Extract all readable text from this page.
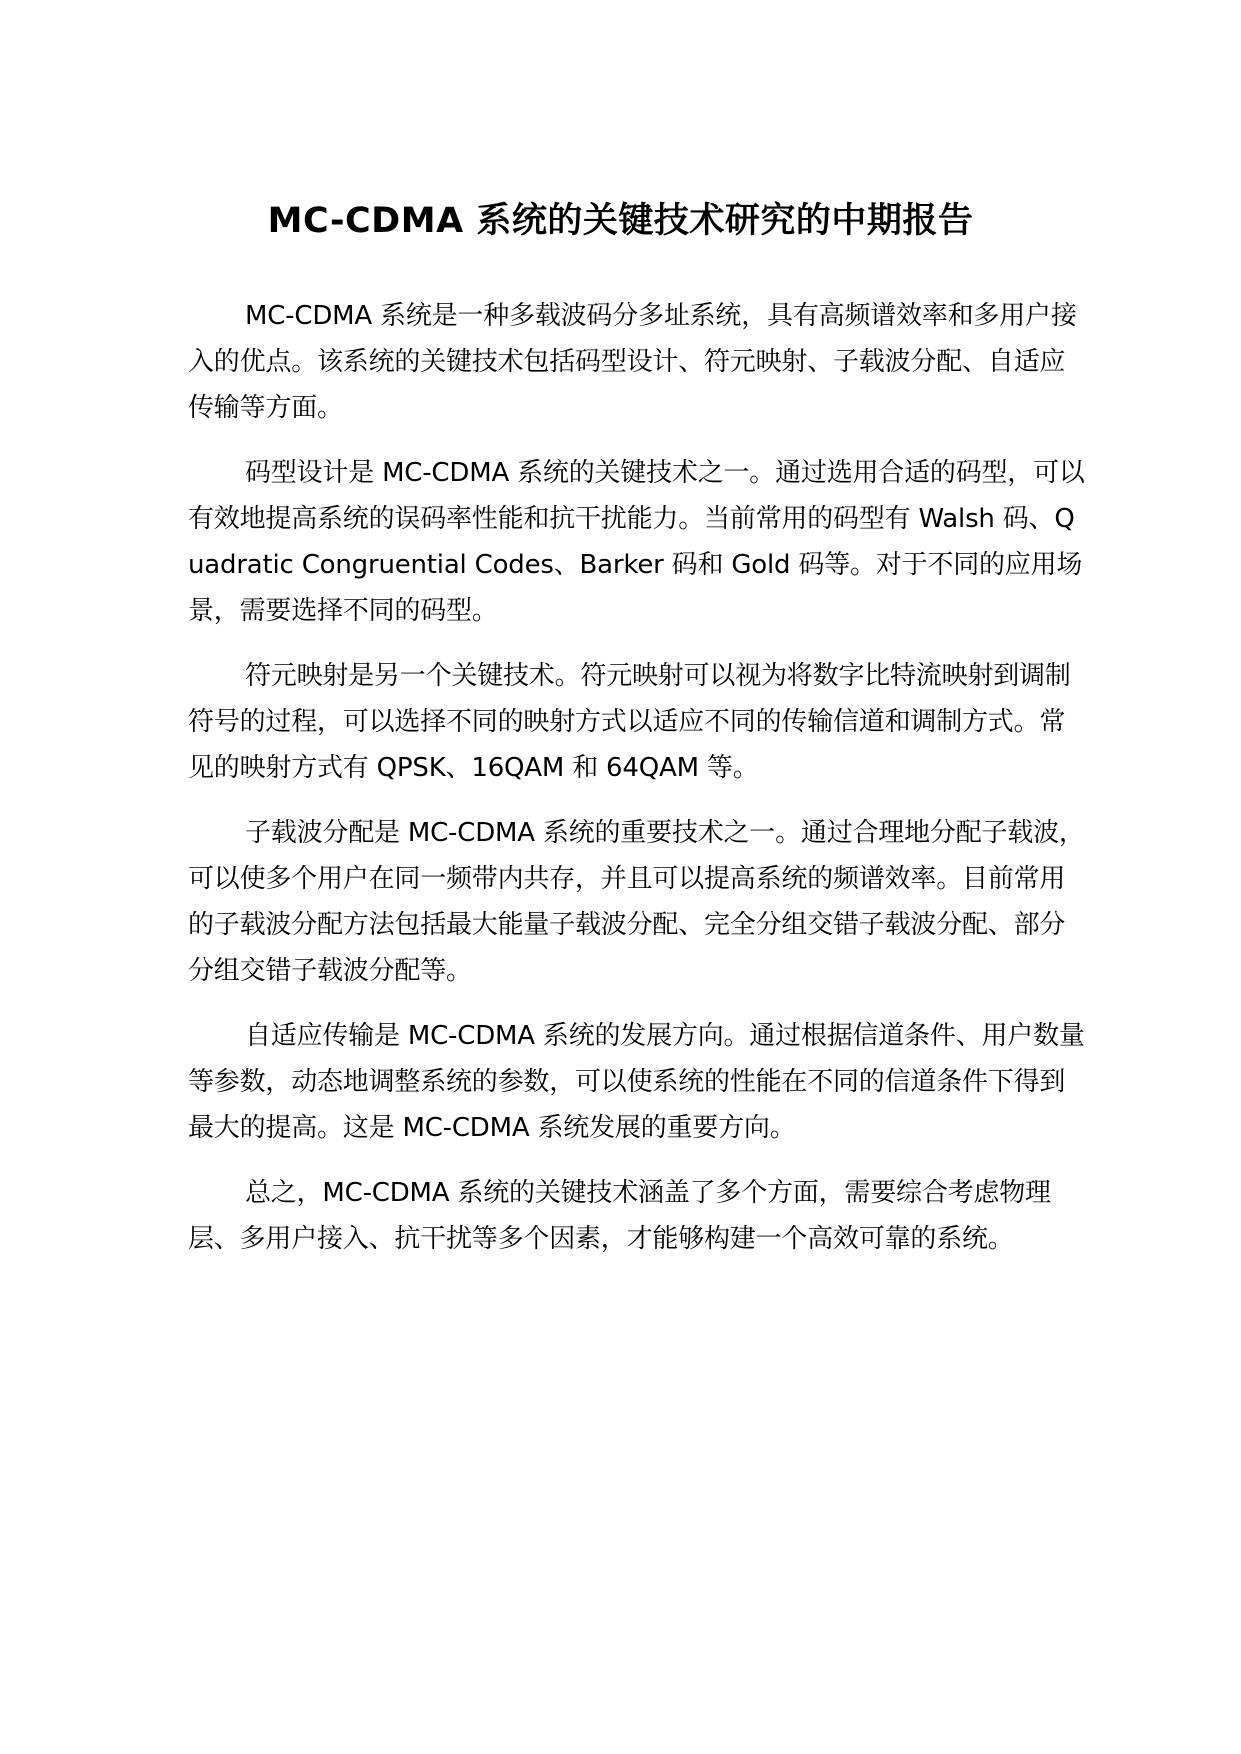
MC-CDMA 系统的关键技术研究的中期报告

MC-CDMA 系统是一种多载波码分多址系统，具有高频谱效率和多用户接入的优点。该系统的关键技术包括码型设计、符元映射、子载波分配、自适应传输等方面。

码型设计是 MC-CDMA 系统的关键技术之一。通过选用合适的码型，可以有效地提高系统的误码率性能和抗干扰能力。当前常用的码型有 Walsh 码、Quadratic Congruential Codes、Barker 码和 Gold 码等。对于不同的应用场景，需要选择不同的码型。

符元映射是另一个关键技术。符元映射可以视为将数字比特流映射到调制符号的过程，可以选择不同的映射方式以适应不同的传输信道和调制方式。常见的映射方式有 QPSK、16QAM 和 64QAM 等。

子载波分配是 MC-CDMA 系统的重要技术之一。通过合理地分配子载波，可以使多个用户在同一频带内共存，并且可以提高系统的频谱效率。目前常用的子载波分配方法包括最大能量子载波分配、完全分组交错子载波分配、部分分组交错子载波分配等。

自适应传输是 MC-CDMA 系统的发展方向。通过根据信道条件、用户数量等参数，动态地调整系统的参数，可以使系统的性能在不同的信道条件下得到最大的提高。这是 MC-CDMA 系统发展的重要方向。

总之，MC-CDMA 系统的关键技术涵盖了多个方面，需要综合考虑物理层、多用户接入、抗干扰等多个因素，才能够构建一个高效可靠的系统。
